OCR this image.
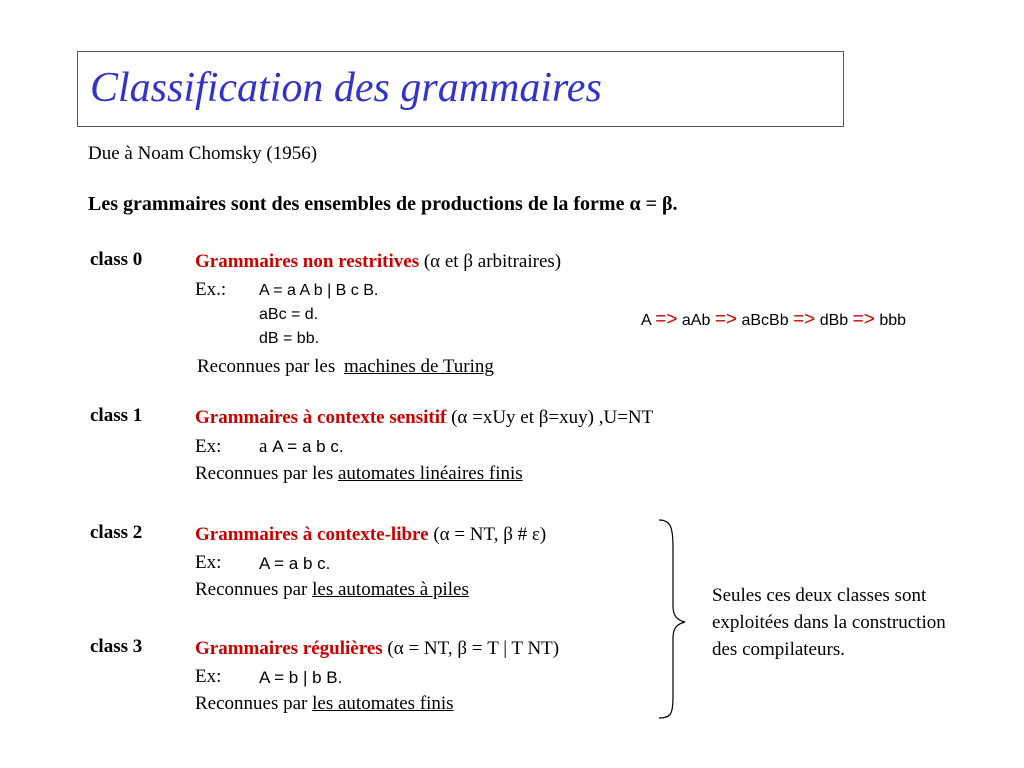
Classification des grammaires
Due à Noam Chomsky (1956)
Les grammaires sont des ensembles de productions de la forme α = β.
class 0	Grammaires non restritives (α et β arbitraires)
Ex.: A = a A b | B c B.
aBc = d.
dB = bb.
Reconnues par les machines de Turing
A => aAb => aBcBb => dBb => bbb
class 1	Grammaires à contexte sensitif (α =xUy et β=xuy) ,U=NT
Ex: a A = a b c.
Reconnues par les automates linéaires finis
class 2	Grammaires à contexte-libre (α = NT, β # ε)
Ex: A = a b c.
Reconnues par les automates à piles
class 3	Grammaires régulières (α = NT, β = T | T NT)
Ex: A = b | b B.
Reconnues par les automates finis
Seules ces deux classes sont
exploitées dans la construction
des compilateurs.
